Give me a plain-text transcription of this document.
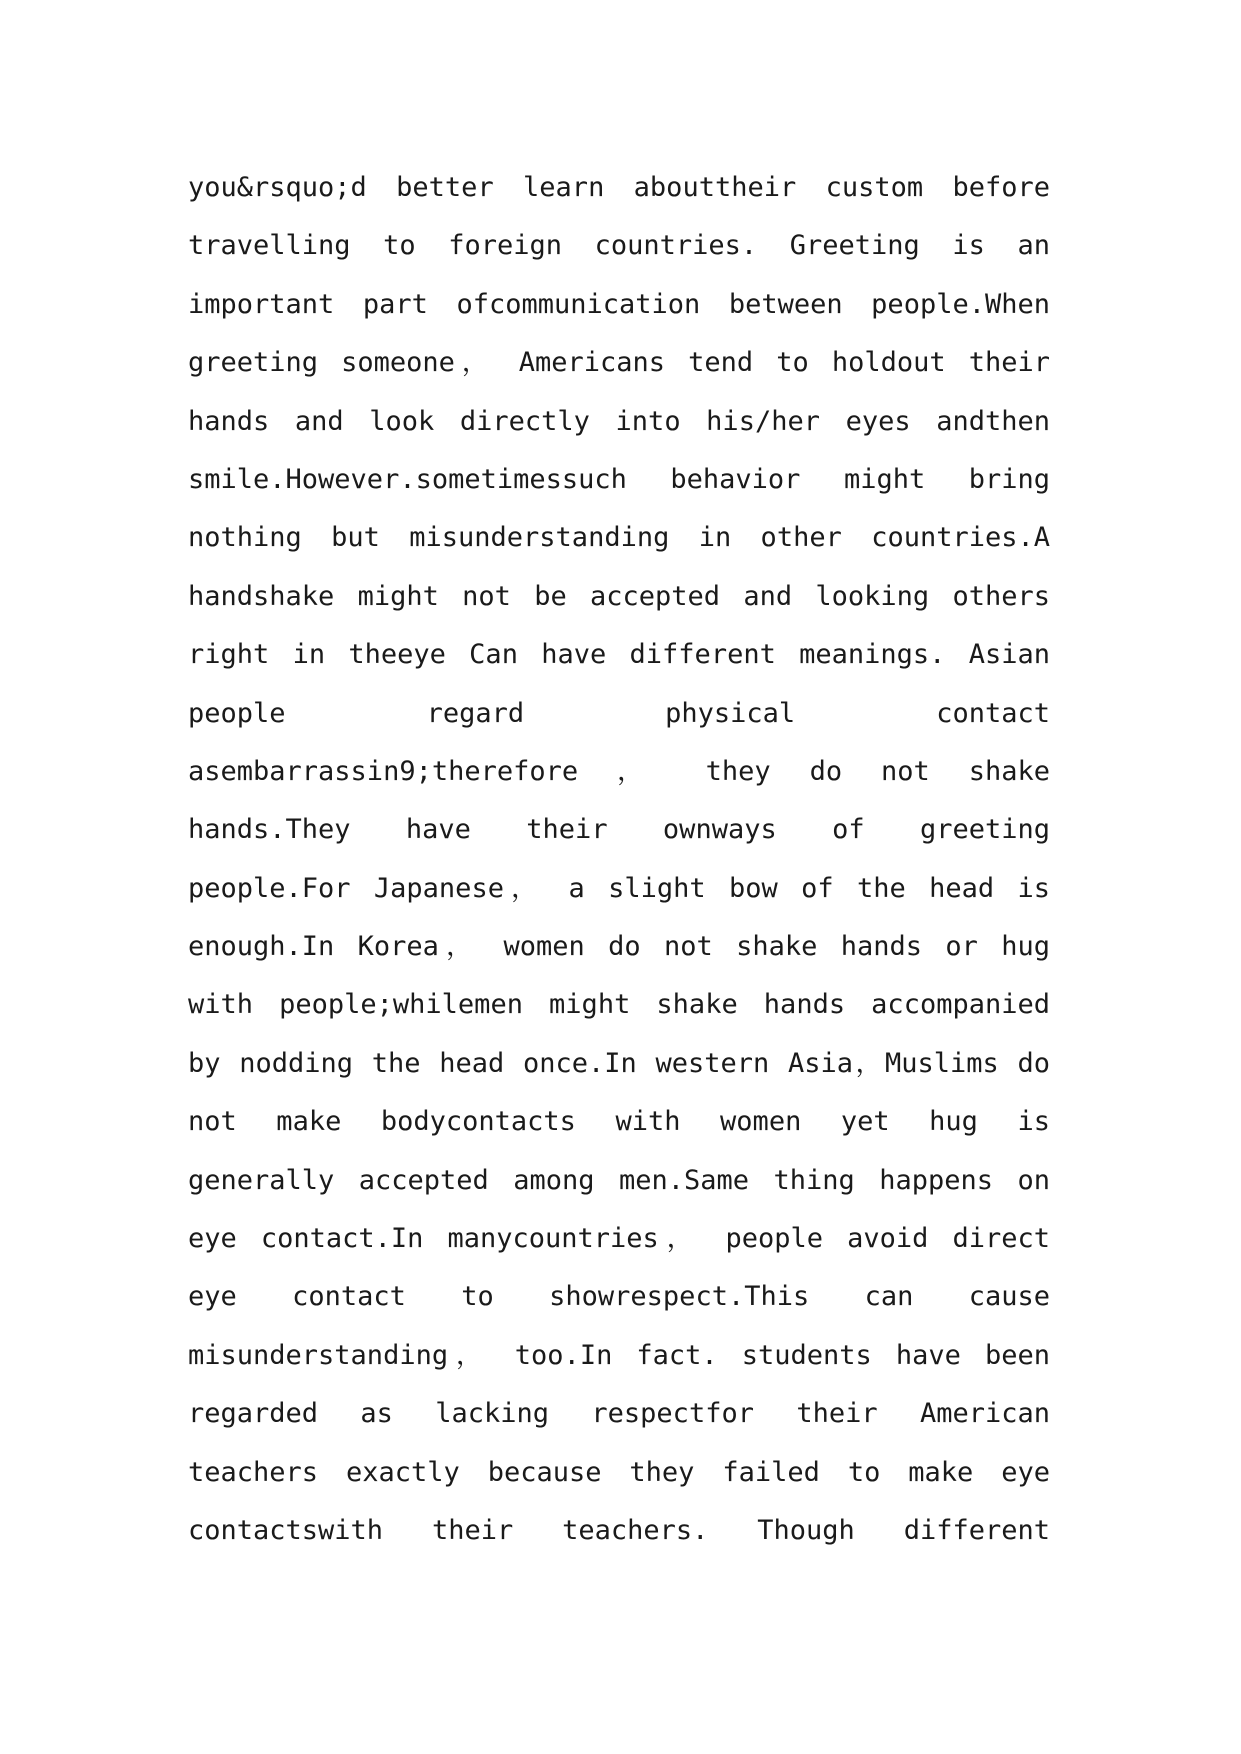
you&rsquo;d better learn abouttheir custom before
travelling to foreign countries. Greeting is an
important part ofcommunication between people.When
greeting someone， Americans tend to holdout their
hands and look directly into his/her eyes andthen
smile.However.sometimessuch behavior might bring
nothing but misunderstanding in other countries.A
handshake might not be accepted and looking others
right in theeye Can have different meanings. Asian
people regard physical contact
asembarrassin9;therefore ， they do not shake
hands.They have their ownways of greeting
people.For Japanese， a slight bow of the head is
enough.In Korea， women do not shake hands or hug
with people;whilemen might shake hands accompanied
by nodding the head once.In western Asia，Muslims do
not make bodycontacts with women yet hug is
generally accepted among men.Same thing happens on
eye contact.In manycountries， people avoid direct
eye contact to showrespect.This can cause
misunderstanding， too.In fact. students have been
regarded as lacking respectfor their American
teachers exactly because they failed to make eye
contactswith their teachers. Though different
